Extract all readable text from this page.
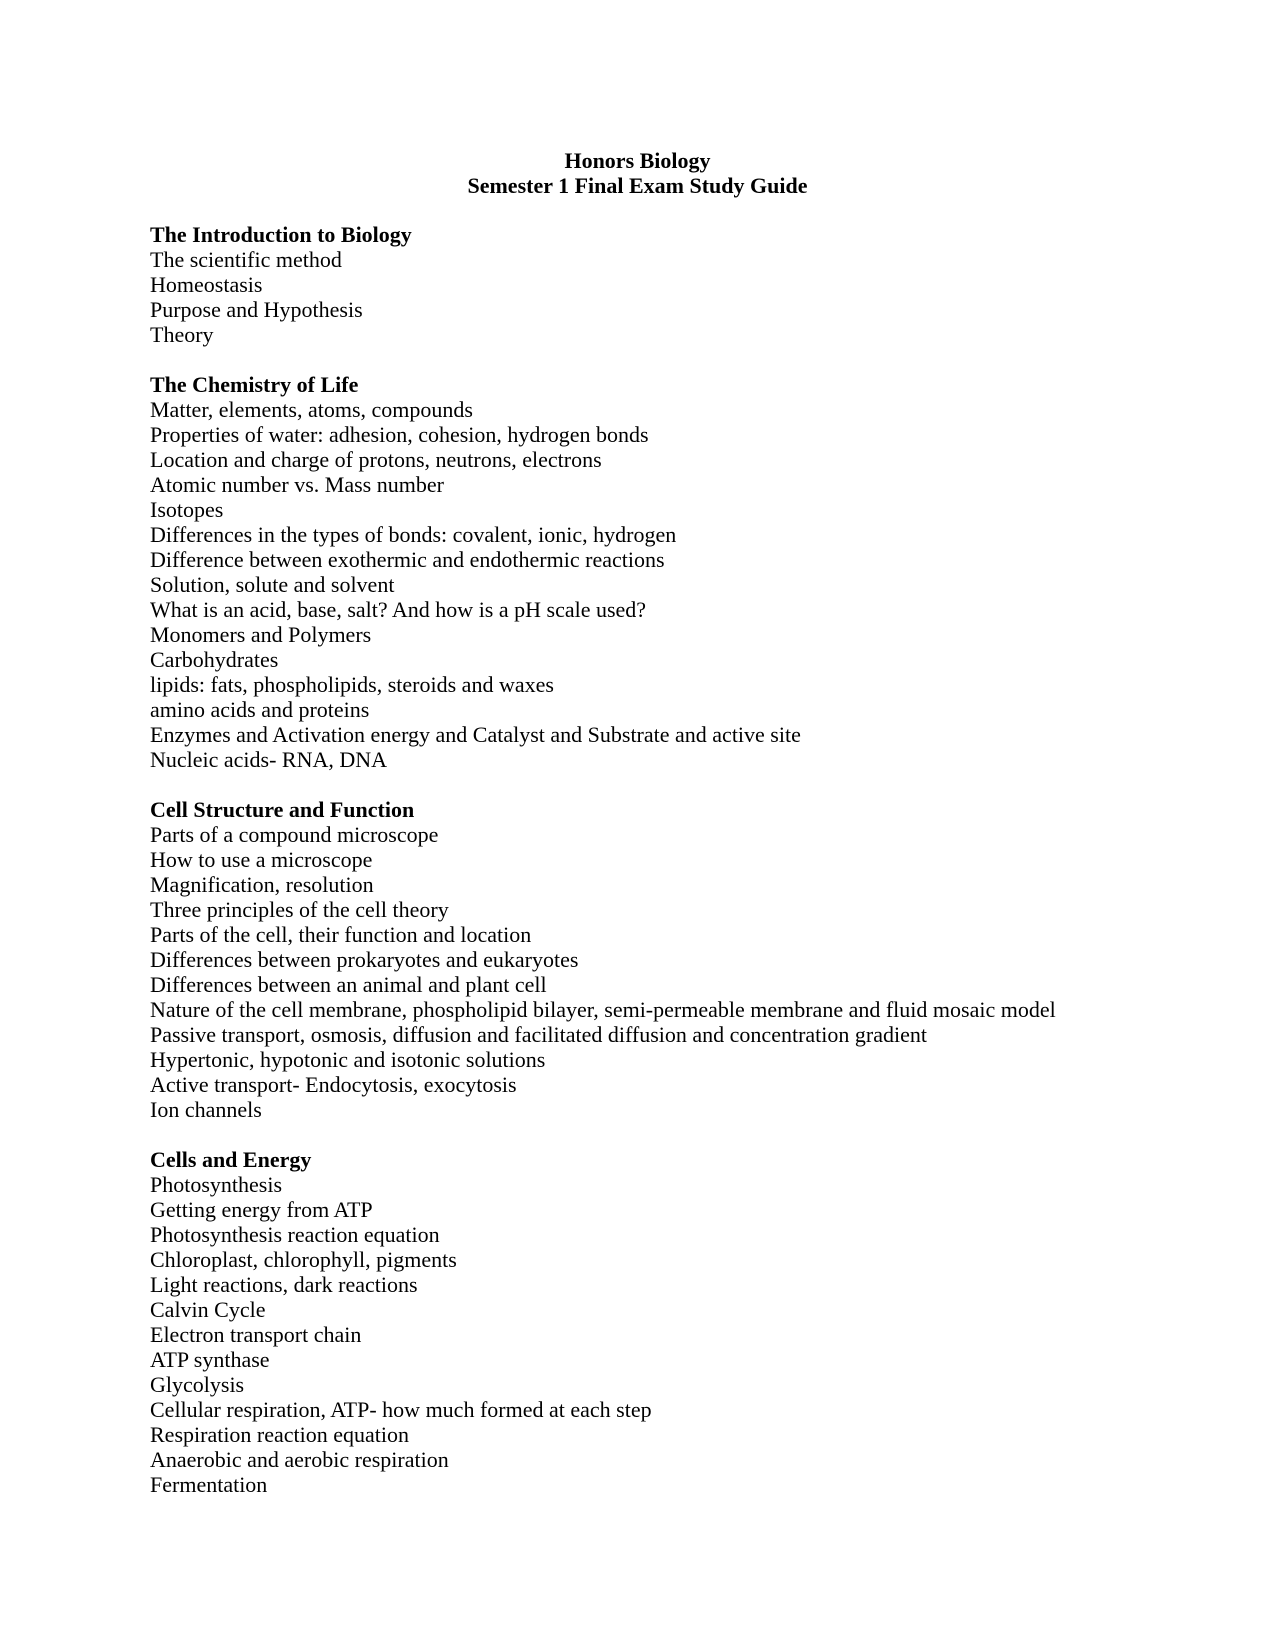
Honors Biology
Semester 1 Final Exam Study Guide
The Introduction to Biology
The scientific method
Homeostasis
Purpose and Hypothesis
Theory
The Chemistry of Life
Matter, elements, atoms, compounds
Properties of water: adhesion, cohesion, hydrogen bonds
Location and charge of protons, neutrons, electrons
Atomic number vs. Mass number
Isotopes
Differences in the types of bonds: covalent, ionic, hydrogen
Difference between exothermic and endothermic reactions
Solution, solute and solvent
What is an acid, base, salt? And how is a pH scale used?
Monomers and Polymers
Carbohydrates
lipids: fats, phospholipids, steroids and waxes
amino acids and proteins
Enzymes and Activation energy and Catalyst and Substrate and active site
Nucleic acids- RNA, DNA
Cell Structure and Function
Parts of a compound microscope
How to use a microscope
Magnification, resolution
Three principles of the cell theory
Parts of the cell, their function and location
Differences between prokaryotes and eukaryotes
Differences between an animal and plant cell
Nature of the cell membrane, phospholipid bilayer, semi-permeable membrane and fluid mosaic model
Passive transport, osmosis, diffusion and facilitated diffusion and concentration gradient
Hypertonic, hypotonic and isotonic solutions
Active transport- Endocytosis, exocytosis
Ion channels
Cells and Energy
Photosynthesis
Getting energy from ATP
Photosynthesis reaction equation
Chloroplast, chlorophyll, pigments
Light reactions, dark reactions
Calvin Cycle
Electron transport chain
ATP synthase
Glycolysis
Cellular respiration, ATP- how much formed at each step
Respiration reaction equation
Anaerobic and aerobic respiration
Fermentation
